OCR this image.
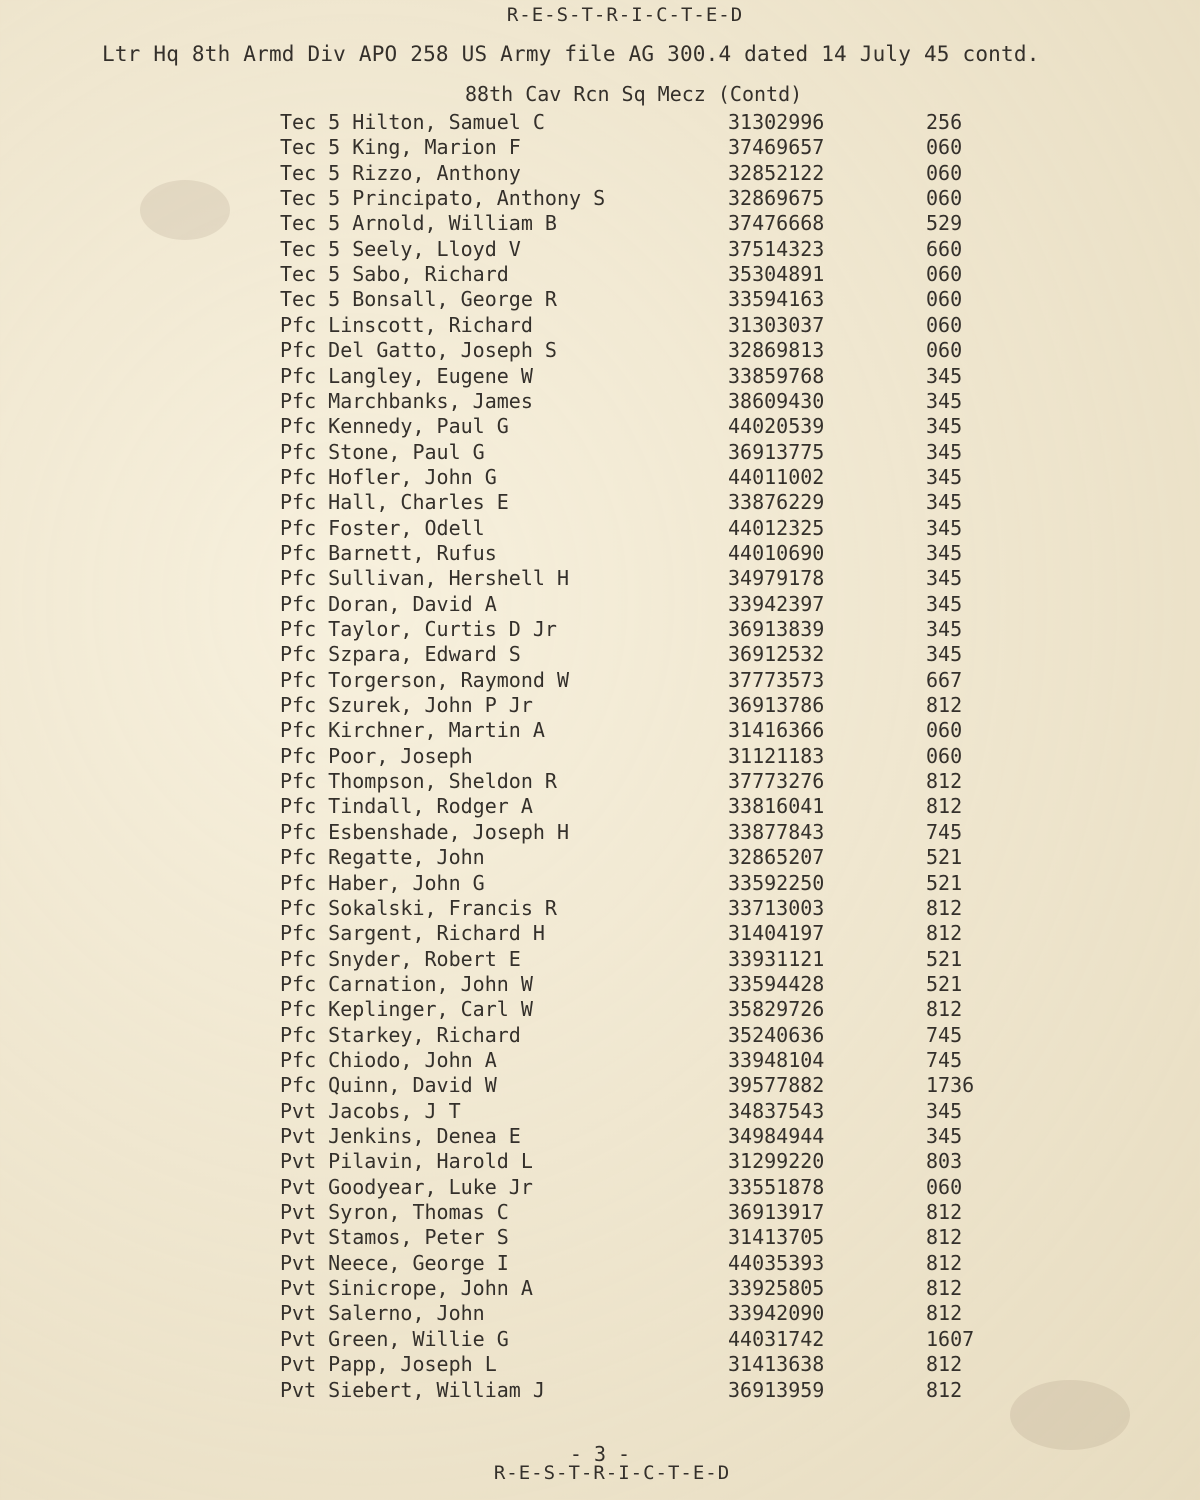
R-E-S-T-R-I-C-T-E-D
Ltr Hq 8th Armd Div APO 258 US Army file AG 300.4 dated 14 July 45 contd.
88th Cav Rcn Sq Mecz (Contd)
Tec 5 Hilton, Samuel C	31302996	256
Tec 5 King, Marion F	37469657	060
Tec 5 Rizzo, Anthony	32852122	060
Tec 5 Principato, Anthony S	32869675	060
Tec 5 Arnold, William B	37476668	529
Tec 5 Seely, Lloyd V	37514323	660
Tec 5 Sabo, Richard	35304891	060
Tec 5 Bonsall, George R	33594163	060
Pfc Linscott, Richard	31303037	060
Pfc Del Gatto, Joseph S	32869813	060
Pfc Langley, Eugene W	33859768	345
Pfc Marchbanks, James	38609430	345
Pfc Kennedy, Paul G	44020539	345
Pfc Stone, Paul G	36913775	345
Pfc Hofler, John G	44011002	345
Pfc Hall, Charles E	33876229	345
Pfc Foster, Odell	44012325	345
Pfc Barnett, Rufus	44010690	345
Pfc Sullivan, Hershell H	34979178	345
Pfc Doran, David A	33942397	345
Pfc Taylor, Curtis D Jr	36913839	345
Pfc Szpara, Edward S	36912532	345
Pfc Torgerson, Raymond W	37773573	667
Pfc Szurek, John P Jr	36913786	812
Pfc Kirchner, Martin A	31416366	060
Pfc Poor, Joseph	31121183	060
Pfc Thompson, Sheldon R	37773276	812
Pfc Tindall, Rodger A	33816041	812
Pfc Esbenshade, Joseph H	33877843	745
Pfc Regatte, John	32865207	521
Pfc Haber, John G	33592250	521
Pfc Sokalski, Francis R	33713003	812
Pfc Sargent, Richard H	31404197	812
Pfc Snyder, Robert E	33931121	521
Pfc Carnation, John W	33594428	521
Pfc Keplinger, Carl W	35829726	812
Pfc Starkey, Richard	35240636	745
Pfc Chiodo, John A	33948104	745
Pfc Quinn, David W	39577882	1736
Pvt Jacobs, J T	34837543	345
Pvt Jenkins, Denea E	34984944	345
Pvt Pilavin, Harold L	31299220	803
Pvt Goodyear, Luke Jr	33551878	060
Pvt Syron, Thomas C	36913917	812
Pvt Stamos, Peter S	31413705	812
Pvt Neece, George I	44035393	812
Pvt Sinicrope, John A	33925805	812
Pvt Salerno, John	33942090	812
Pvt Green, Willie G	44031742	1607
Pvt Papp, Joseph L	31413638	812
Pvt Siebert, William J	36913959	812
- 3 -
R-E-S-T-R-I-C-T-E-D
